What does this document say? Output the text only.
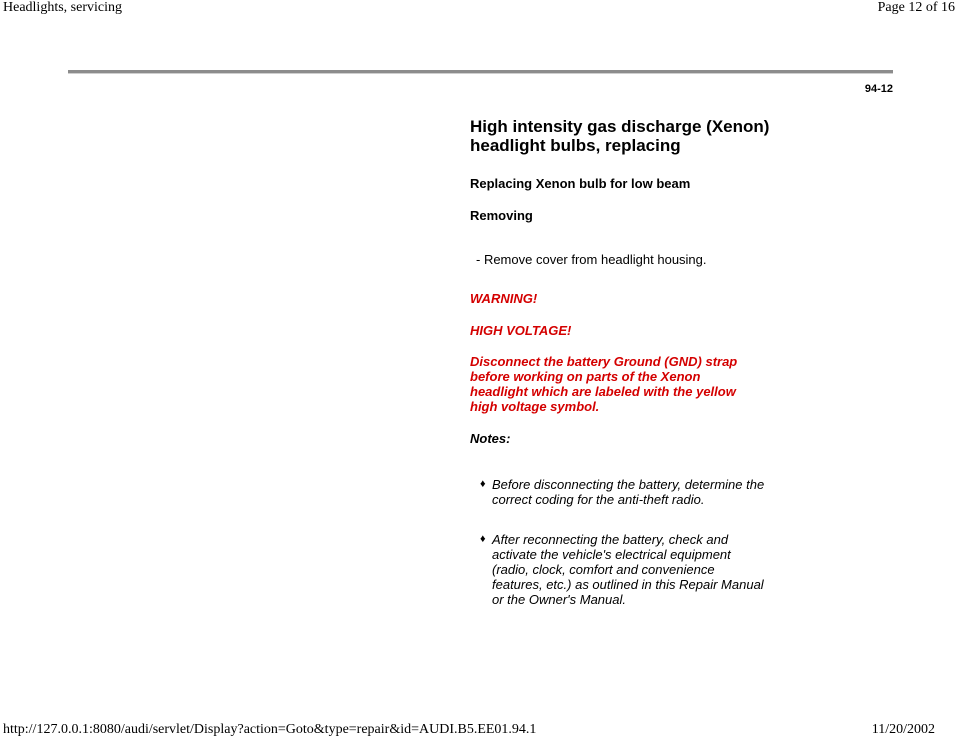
Headlights, servicing	Page 12 of 16
94-12

High intensity gas discharge (Xenon)
headlight bulbs, replacing

Replacing Xenon bulb for low beam

Removing

- Remove cover from headlight housing.

WARNING!

HIGH VOLTAGE!

Disconnect the battery Ground (GND) strap
before working on parts of the Xenon
headlight which are labeled with the yellow
high voltage symbol.

Notes:

♦ Before disconnecting the battery, determine the
correct coding for the anti-theft radio.
♦ After reconnecting the battery, check and
activate the vehicle's electrical equipment
(radio, clock, comfort and convenience
features, etc.) as outlined in this Repair Manual
or the Owner's Manual.
http://127.0.0.1:8080/audi/servlet/Display?action=Goto&type=repair&id=AUDI.B5.EE01.94.1	11/20/2002
